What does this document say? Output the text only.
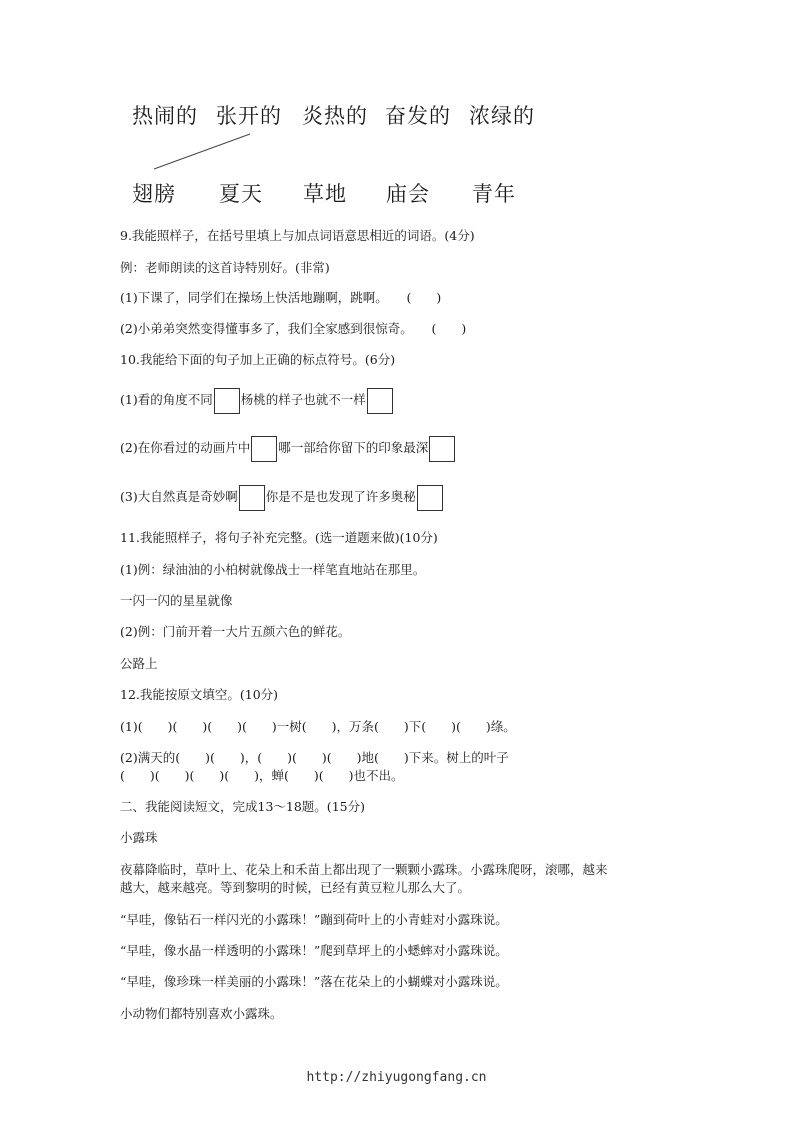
热闹的 张开的 炎热的 奋发的 浓绿的
翅膀 夏天 草地 庙会 青年
9.我能照样子，在括号里填上与加点词语意思相近的词语。(4分)
例：老师朗读的这首诗特别好。(非常)
(1)下课了，同学们在操场上快活地蹦啊，跳啊。　　(　　)
(2)小弟弟突然变得懂事多了，我们全家感到很惊奇。　　(　　)
10.我能给下面的句子加上正确的标点符号。(6分)
(1)看的角度不同 杨桃的样子也就不一样
(2)在你看过的动画片中 哪一部给你留下的印象最深
(3)大自然真是奇妙啊 你是不是也发现了许多奥秘
11.我能照样子，将句子补充完整。(选一道题来做)(10分)
(1)例：绿油油的小柏树就像战士一样笔直地站在那里。
一闪一闪的星星就像
(2)例：门前开着一大片五颜六色的鲜花。
公路上
12.我能按原文填空。(10分)
(1)(　　)(　　)(　　)(　　)一树(　　)，万条(　　)下(　　)(　　)绦。
(2)满天的(　　)(　　)，(　　)(　　)(　　)地(　　)下来。树上的叶子
(　　)(　　)(　　)(　　)，蝉(　　)(　　)也不出。
二、我能阅读短文，完成13～18题。(15分)
小露珠
夜幕降临时，草叶上、花朵上和禾苗上都出现了一颗颗小露珠。小露珠爬呀，滚哪，越来
越大，越来越亮。等到黎明的时候，已经有黄豆粒儿那么大了。
“早哇，像钻石一样闪光的小露珠！”蹦到荷叶上的小青蛙对小露珠说。
“早哇，像水晶一样透明的小露珠！”爬到草坪上的小蟋蟀对小露珠说。
“早哇，像珍珠一样美丽的小露珠！”落在花朵上的小蝴蝶对小露珠说。
小动物们都特别喜欢小露珠。
http://zhiyugongfang.cn
